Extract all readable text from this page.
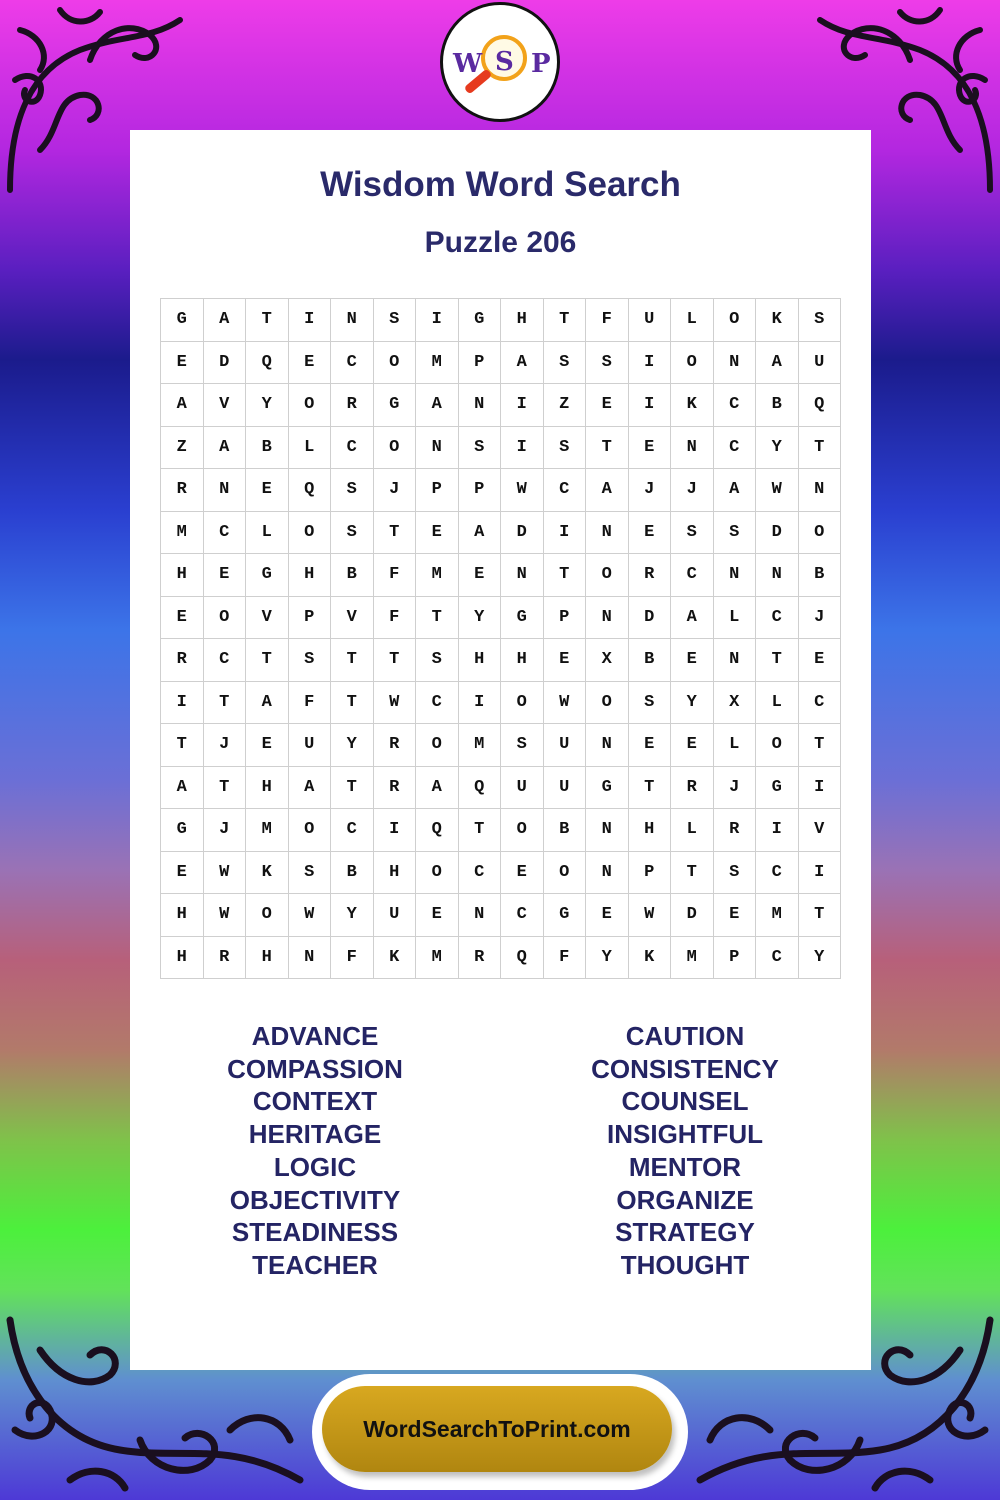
W S P
Wisdom Word Search
Puzzle 206
G	A	T	I	N	S	I	G	H	T	F	U	L	O	K	S
E	D	Q	E	C	O	M	P	A	S	S	I	O	N	A	U
A	V	Y	O	R	G	A	N	I	Z	E	I	K	C	B	Q
Z	A	B	L	C	O	N	S	I	S	T	E	N	C	Y	T
R	N	E	Q	S	J	P	P	W	C	A	J	J	A	W	N
M	C	L	O	S	T	E	A	D	I	N	E	S	S	D	O
H	E	G	H	B	F	M	E	N	T	O	R	C	N	N	B
E	O	V	P	V	F	T	Y	G	P	N	D	A	L	C	J
R	C	T	S	T	T	S	H	H	E	X	B	E	N	T	E
I	T	A	F	T	W	C	I	O	W	O	S	Y	X	L	C
T	J	E	U	Y	R	O	M	S	U	N	E	E	L	O	T
A	T	H	A	T	R	A	Q	U	U	G	T	R	J	G	I
G	J	M	O	C	I	Q	T	O	B	N	H	L	R	I	V
E	W	K	S	B	H	O	C	E	O	N	P	T	S	C	I
H	W	O	W	Y	U	E	N	C	G	E	W	D	E	M	T
H	R	H	N	F	K	M	R	Q	F	Y	K	M	P	C	Y
ADVANCE
COMPASSION
CONTEXT
HERITAGE
LOGIC
OBJECTIVITY
STEADINESS
TEACHER
CAUTION
CONSISTENCY
COUNSEL
INSIGHTFUL
MENTOR
ORGANIZE
STRATEGY
THOUGHT
WordSearchToPrint.com
